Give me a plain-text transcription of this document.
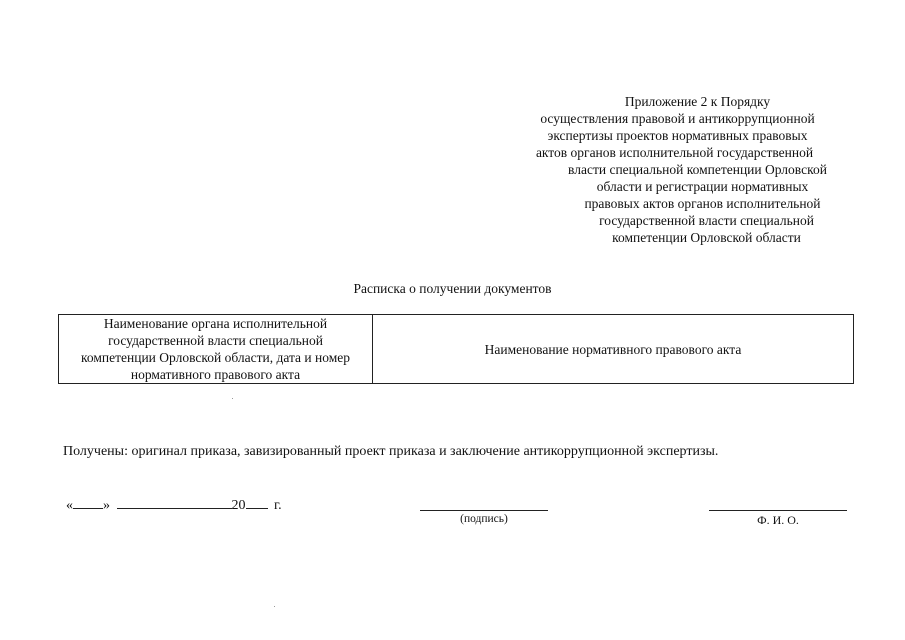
Приложение 2 к Порядку
осуществления правовой и антикоррупционной
экспертизы проектов нормативных правовых
актов органов исполнительной государственной
власти специальной компетенции Орловской
области и регистрации нормативных
правовых актов органов исполнительной
государственной власти специальной
компетенции Орловской области
Расписка о получении документов
Наименование органа исполнительной
государственной власти специальной
компетенции Орловской области, дата и номер
нормативного правового акта
	Наименование нормативного правового акта
Получены: оригинал приказа, завизированный проект приказа и заключение антикоррупционной экспертизы.
« »	20 г.
(подпись)	Ф. И. О.
